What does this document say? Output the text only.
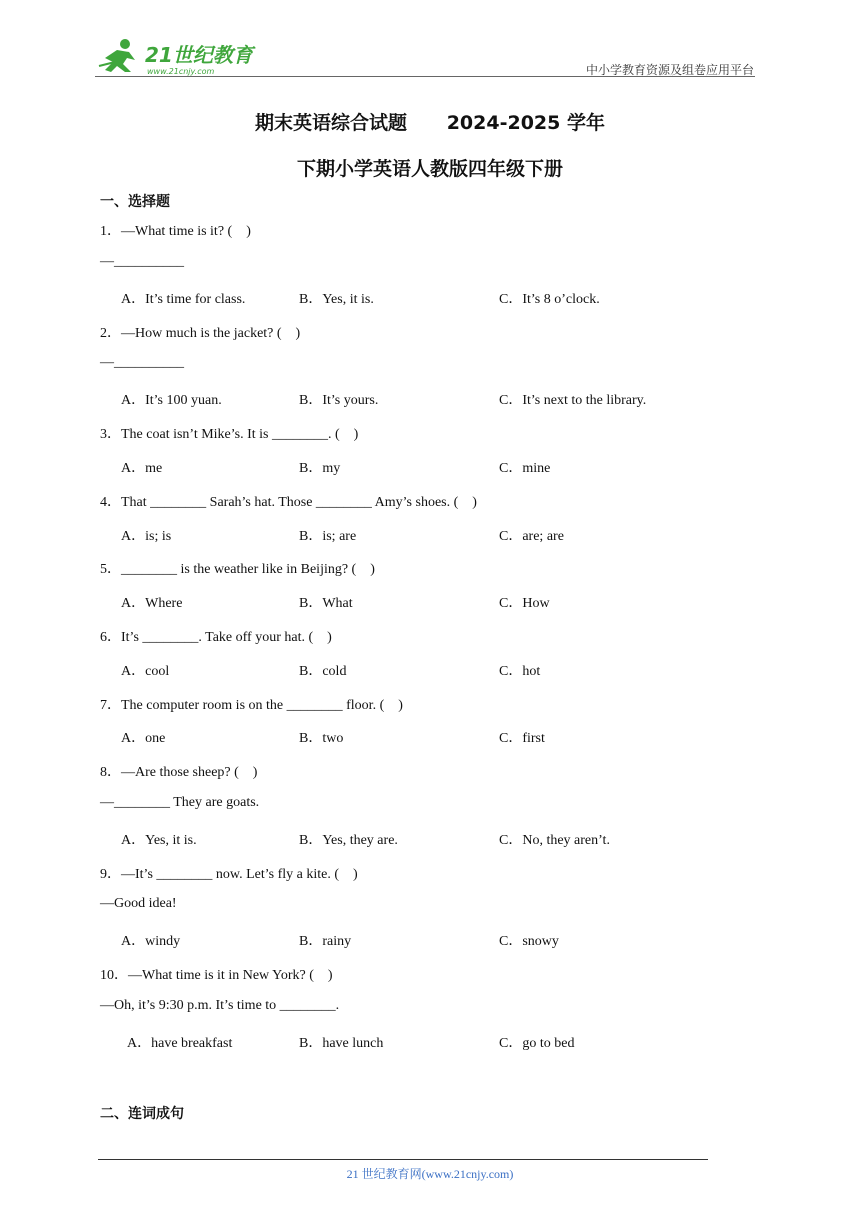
21世纪教育
www.21cnjy.com	中小学教育资源及组卷应用平台
期末英语综合试题      2024-2025 学年
下期小学英语人教版四年级下册
一、选择题
1．—What time is it? (    )
—__________
A．It’s time for class.	B．Yes, it is.	C．It’s 8 o’clock.
2．—How much is the jacket? (    )
—__________
A．It’s 100 yuan.	B．It’s yours.	C．It’s next to the library.
3．The coat isn’t Mike’s. It is ________. (    )
A．me	B．my	C．mine
4．That ________ Sarah’s hat. Those ________ Amy’s shoes. (    )
A．is; is	B．is; are	C．are; are
5．________ is the weather like in Beijing? (    )
A．Where	B．What	C．How
6．It’s ________. Take off your hat. (    )
A．cool	B．cold	C．hot
7．The computer room is on the ________ floor. (    )
A．one	B．two	C．first
8．—Are those sheep? (    )
—________ They are goats.
A．Yes, it is.	B．Yes, they are.	C．No, they aren’t.
9．—It’s ________ now. Let’s fly a kite. (    )
—Good idea!
A．windy	B．rainy	C．snowy
10．—What time is it in New York? (    )
—Oh, it’s 9:30 p.m. It’s time to ________.
A．have breakfast	B．have lunch	C．go to bed
二、连词成句
21 世纪教育网(www.21cnjy.com)
